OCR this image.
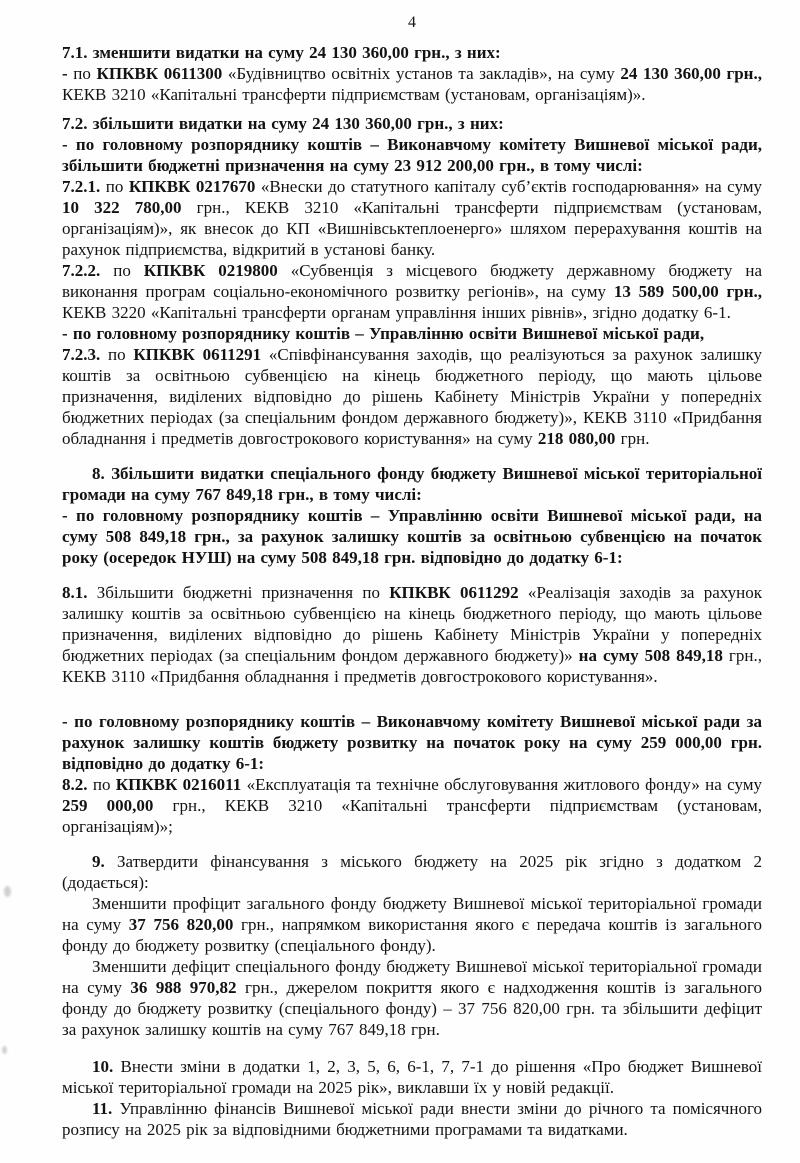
4

7.1. зменшити видатки на суму 24 130 360,00 грн., з них:

- по КПКВК 0611300 «Будівництво освітніх установ та закладів», на суму 24 130 360,00 грн., КЕКВ 3210 «Капітальні трансферти підприємствам (установам, організаціям)».

7.2. збільшити видатки на суму 24 130 360,00 грн., з них:

- по головному розпоряднику коштів – Виконавчому комітету Вишневої міської ради, збільшити бюджетні призначення на суму 23 912 200,00 грн., в тому числі:

7.2.1. по КПКВК 0217670 «Внески до статутного капіталу суб’єктів господарювання» на суму 10 322 780,00 грн., КЕКВ 3210 «Капітальні трансферти підприємствам (установам, організаціям)», як внесок до КП «Вишнівськтеплоенерго» шляхом перерахування коштів на рахунок підприємства, відкритий в установі банку.

7.2.2. по КПКВК 0219800 «Субвенція з місцевого бюджету державному бюджету на виконання програм соціально-економічного розвитку регіонів», на суму 13 589 500,00 грн., КЕКВ 3220 «Капітальні трансферти органам управління інших рівнів», згідно додатку 6-1.

- по головному розпоряднику коштів – Управлінню освіти Вишневої міської ради,

7.2.3. по КПКВК 0611291 «Співфінансування заходів, що реалізуються за рахунок залишку коштів за освітньою субвенцією на кінець бюджетного періоду, що мають цільове призначення, виділених відповідно до рішень Кабінету Міністрів України у попередніх бюджетних періодах (за спеціальним фондом державного бюджету)», КЕКВ 3110 «Придбання обладнання і предметів довгострокового користування» на суму 218 080,00 грн.

8. Збільшити видатки спеціального фонду бюджету Вишневої міської територіальної громади на суму 767 849,18 грн., в тому числі:

- по головному розпоряднику коштів – Управлінню освіти Вишневої міської ради, на суму 508 849,18 грн., за рахунок залишку коштів за освітньою субвенцією на початок року (осередок НУШ) на суму 508 849,18 грн. відповідно до додатку 6-1:

8.1. Збільшити бюджетні призначення по КПКВК 0611292 «Реалізація заходів за рахунок залишку коштів за освітньою субвенцією на кінець бюджетного періоду, що мають цільове призначення, виділених відповідно до рішень Кабінету Міністрів України у попередніх бюджетних періодах (за спеціальним фондом державного бюджету)» на суму 508 849,18 грн., КЕКВ 3110 «Придбання обладнання і предметів довгострокового користування».

- по головному розпоряднику коштів – Виконавчому комітету Вишневої міської ради за рахунок залишку коштів бюджету розвитку на початок року на суму 259 000,00 грн. відповідно до додатку 6-1:

8.2. по КПКВК 0216011 «Експлуатація та технічне обслуговування житлового фонду» на суму 259 000,00 грн., КЕКВ 3210 «Капітальні трансферти підприємствам (установам, організаціям)»;

9. Затвердити фінансування з міського бюджету на 2025 рік згідно з додатком 2 (додається):

Зменшити профіцит загального фонду бюджету Вишневої міської територіальної громади на суму 37 756 820,00 грн., напрямком використання якого є передача коштів із загального фонду до бюджету розвитку (спеціального фонду).

Зменшити дефіцит спеціального фонду бюджету Вишневої міської територіальної громади на суму 36 988 970,82 грн., джерелом покриття якого є надходження коштів із загального фонду до бюджету розвитку (спеціального фонду) – 37 756 820,00 грн. та збільшити дефіцит за рахунок залишку коштів на суму 767 849,18 грн.

10. Внести зміни в додатки 1, 2, 3, 5, 6, 6-1, 7, 7-1 до рішення «Про бюджет Вишневої міської територіальної громади на 2025 рік», виклавши їх у новій редакції.

11. Управлінню фінансів Вишневої міської ради внести зміни до річного та помісячного розпису на 2025 рік за відповідними бюджетними програмами та видатками.
